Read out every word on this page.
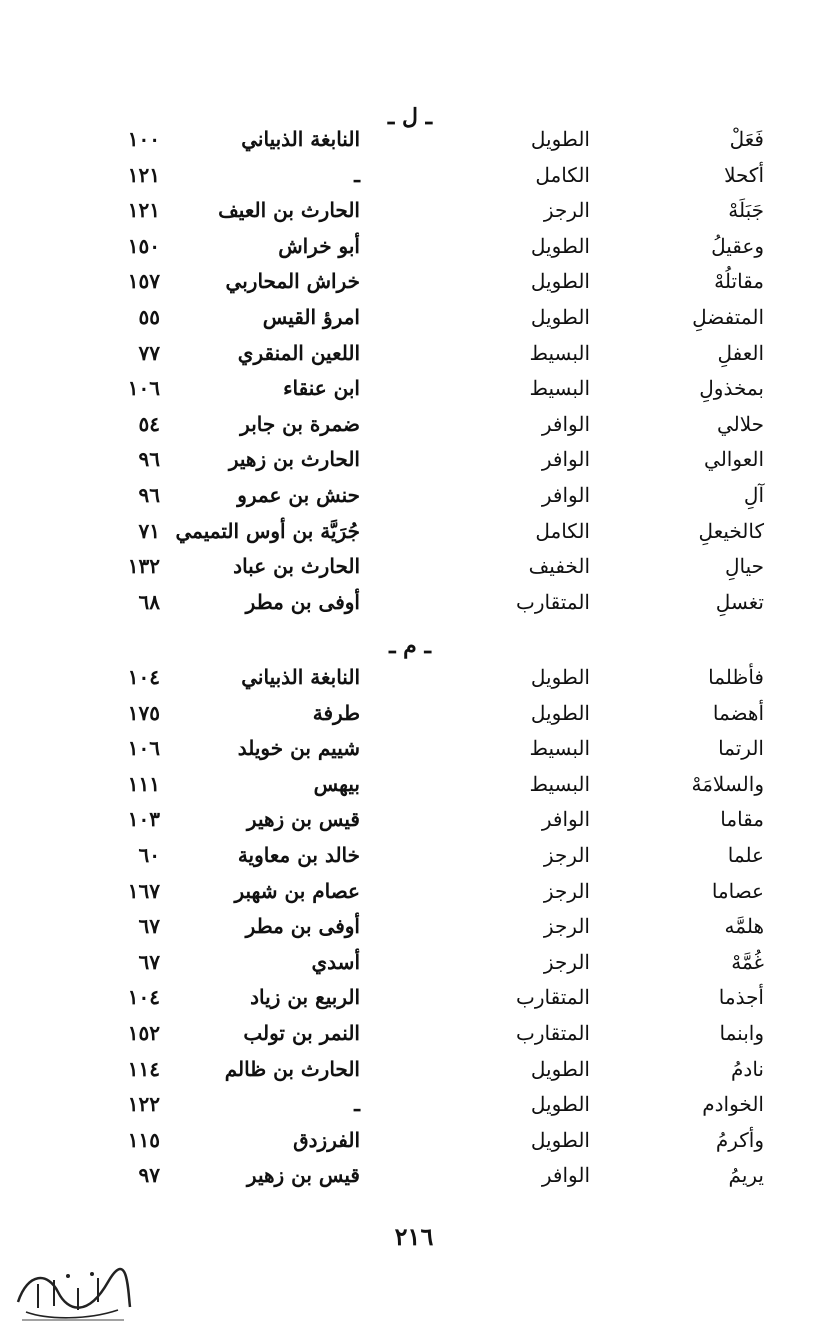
ـ ل ـ
فَعَلْ
الطويل
النابغة الذبياني
١٠٠
أكحلا
الكامل
ـ
١٢١
جَبَلَهْ
الرجز
الحارث بن العيف
١٢١
وعقيلُ
الطويل
أبو خراش
١٥٠
مقاتلُهْ
الطويل
خراش المحاربي
١٥٧
المتفضلِ
الطويل
امرؤ القيس
٥٥
العفلِ
البسيط
اللعين المنقري
٧٧
بمخذولِ
البسيط
ابن عنقاء
١٠٦
حلالي
الوافر
ضمرة بن جابر
٥٤
العوالي
الوافر
الحارث بن زهير
٩٦
آلِ
الوافر
حنش بن عمرو
٩٦
كالخيعلِ
الكامل
جُرَيَّة بن أوس التميمي
٧١
حيالِ
الخفيف
الحارث بن عباد
١٣٢
تغسلِ
المتقارب
أوفى بن مطر
٦٨
ـ م ـ
فأظلما
الطويل
النابغة الذبياني
١٠٤
أهضما
الطويل
طرفة
١٧٥
الرتما
البسيط
شييم بن خويلد
١٠٦
والسلامَهْ
البسيط
بيهس
١١١
مقاما
الوافر
قيس بن زهير
١٠٣
علما
الرجز
خالد بن معاوية
٦٠
عصاما
الرجز
عصام بن شهبر
١٦٧
هلمَّه
الرجز
أوفى بن مطر
٦٧
غُمَّهْ
الرجز
أسدي
٦٧
أجذما
المتقارب
الربيع بن زياد
١٠٤
وابنما
المتقارب
النمر بن تولب
١٥٢
نادمُ
الطويل
الحارث بن ظالم
١١٤
الخوادم
الطويل
ـ
١٢٢
وأكرمُ
الطويل
الفرزدق
١١٥
يريمُ
الوافر
قيس بن زهير
٩٧
٢١٦
